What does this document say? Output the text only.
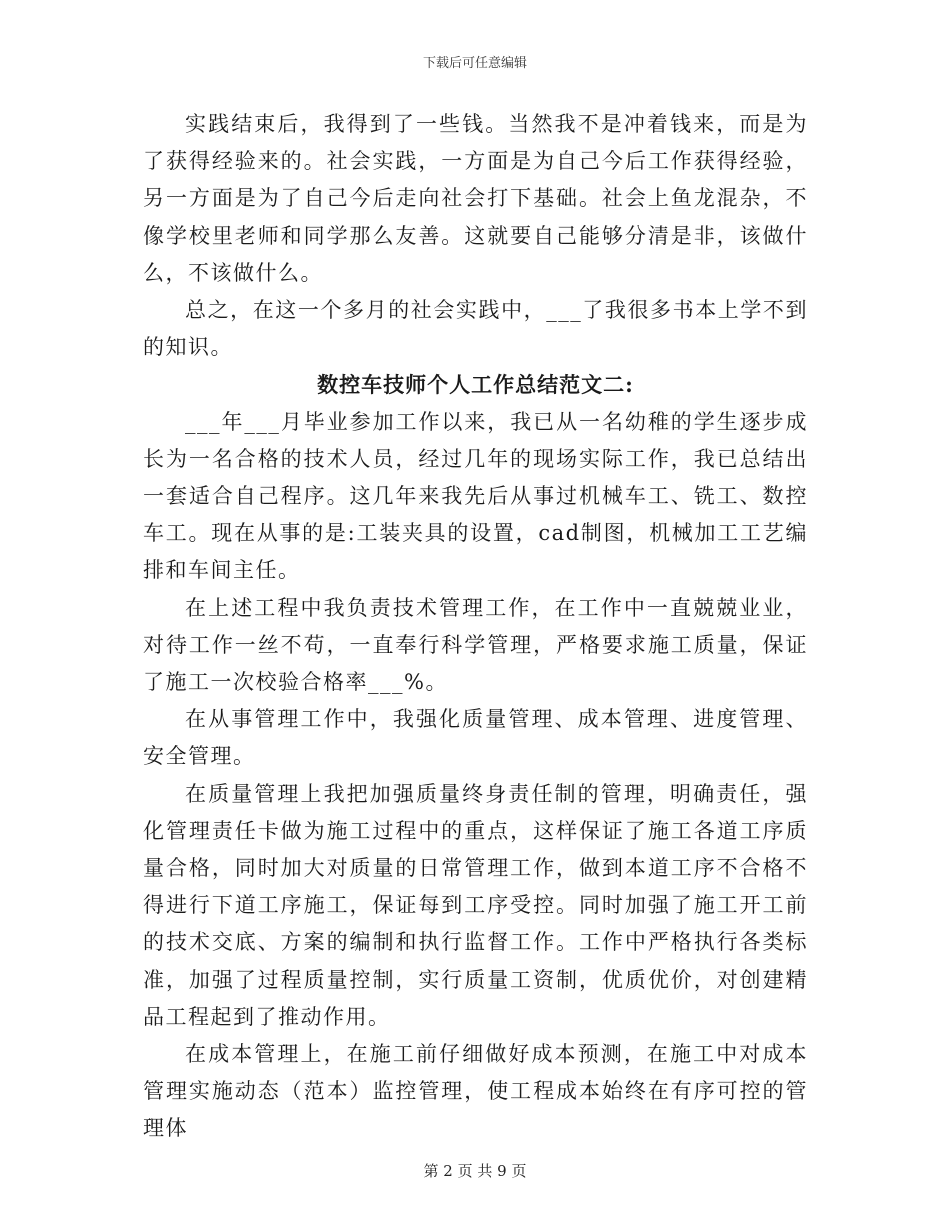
下载后可任意编辑

实践结束后，我得到了一些钱。当然我不是冲着钱来，而是为了获得经验来的。社会实践，一方面是为自己今后工作获得经验，另一方面是为了自己今后走向社会打下基础。社会上鱼龙混杂，不像学校里老师和同学那么友善。这就要自己能够分清是非，该做什么，不该做什么。

总之，在这一个多月的社会实践中，___了我很多书本上学不到的知识。

数控车技师个人工作总结范文二:

___年___月毕业参加工作以来，我已从一名幼稚的学生逐步成长为一名合格的技术人员，经过几年的现场实际工作，我已总结出一套适合自己程序。这几年来我先后从事过机械车工、铣工、数控车工。现在从事的是:工装夹具的设置，cad制图，机械加工工艺编排和车间主任。

在上述工程中我负责技术管理工作，在工作中一直兢兢业业，对待工作一丝不苟，一直奉行科学管理，严格要求施工质量，保证了施工一次校验合格率___%。

在从事管理工作中，我强化质量管理、成本管理、进度管理、安全管理。

在质量管理上我把加强质量终身责任制的管理，明确责任，强化管理责任卡做为施工过程中的重点，这样保证了施工各道工序质量合格，同时加大对质量的日常管理工作，做到本道工序不合格不得进行下道工序施工，保证每到工序受控。同时加强了施工开工前的技术交底、方案的编制和执行监督工作。工作中严格执行各类标准，加强了过程质量控制，实行质量工资制，优质优价，对创建精品工程起到了推动作用。

在成本管理上，在施工前仔细做好成本预测，在施工中对成本管理实施动态（范本）监控管理，使工程成本始终在有序可控的管理体

第 2 页 共 9 页
